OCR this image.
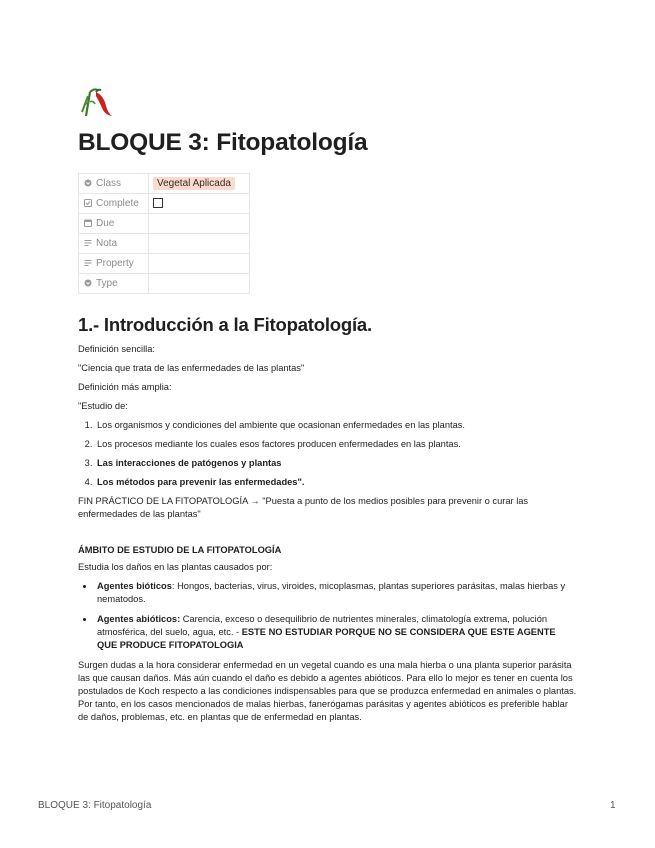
BLOQUE 3: Fitopatología
Class	Vegetal Aplicada
Complete	
Due	
Nota	
Property	
Type	
1.- Introducción a la Fitopatología.

Definición sencilla:

"Ciencia que trata de las enfermedades de las plantas"

Definición más amplia:

"Estudio de:

1. Los organismos y condiciones del ambiente que ocasionan enfermedades en las plantas.
2. Los procesos mediante los cuales esos factores producen enfermedades en las plantas.
3. Las interacciones de patógenos y plantas
4. Los métodos para prevenir las enfermedades".

FIN PRÁCTICO DE LA FITOPATOLOGÍA → "Puesta a punto de los medios posibles para prevenir o curar las enfermedades de las plantas"

ÁMBITO DE ESTUDIO DE LA FITOPATOLOGÍA

Estudia los daños en las plantas causados por:

• Agentes bióticos: Hongos, bacterias, virus, viroides, micoplasmas, plantas superiores parásitas, malas hierbas y nematodos.
• Agentes abióticos: Carencia, exceso o desequilibrio de nutrientes minerales, climatología extrema, polución atmosférica, del suelo, agua, etc. - ESTE NO ESTUDIAR PORQUE NO SE CONSIDERA QUE ESTE AGENTE QUE PRODUCE FITOPATOLOGIA

Surgen dudas a la hora considerar enfermedad en un vegetal cuando es una mala hierba o una planta superior parásita las que causan daños. Más aún cuando el daño es debido a agentes abióticos. Para ello lo mejor es tener en cuenta los postulados de Koch respecto a las condiciones indispensables para que se produzca enfermedad en animales o plantas. Por tanto, en los casos mencionados de malas hierbas, fanerógamas parásitas y agentes abióticos es preferible hablar de daños, problemas, etc. en plantas que de enfermedad en plantas.

BLOQUE 3: Fitopatología	1
